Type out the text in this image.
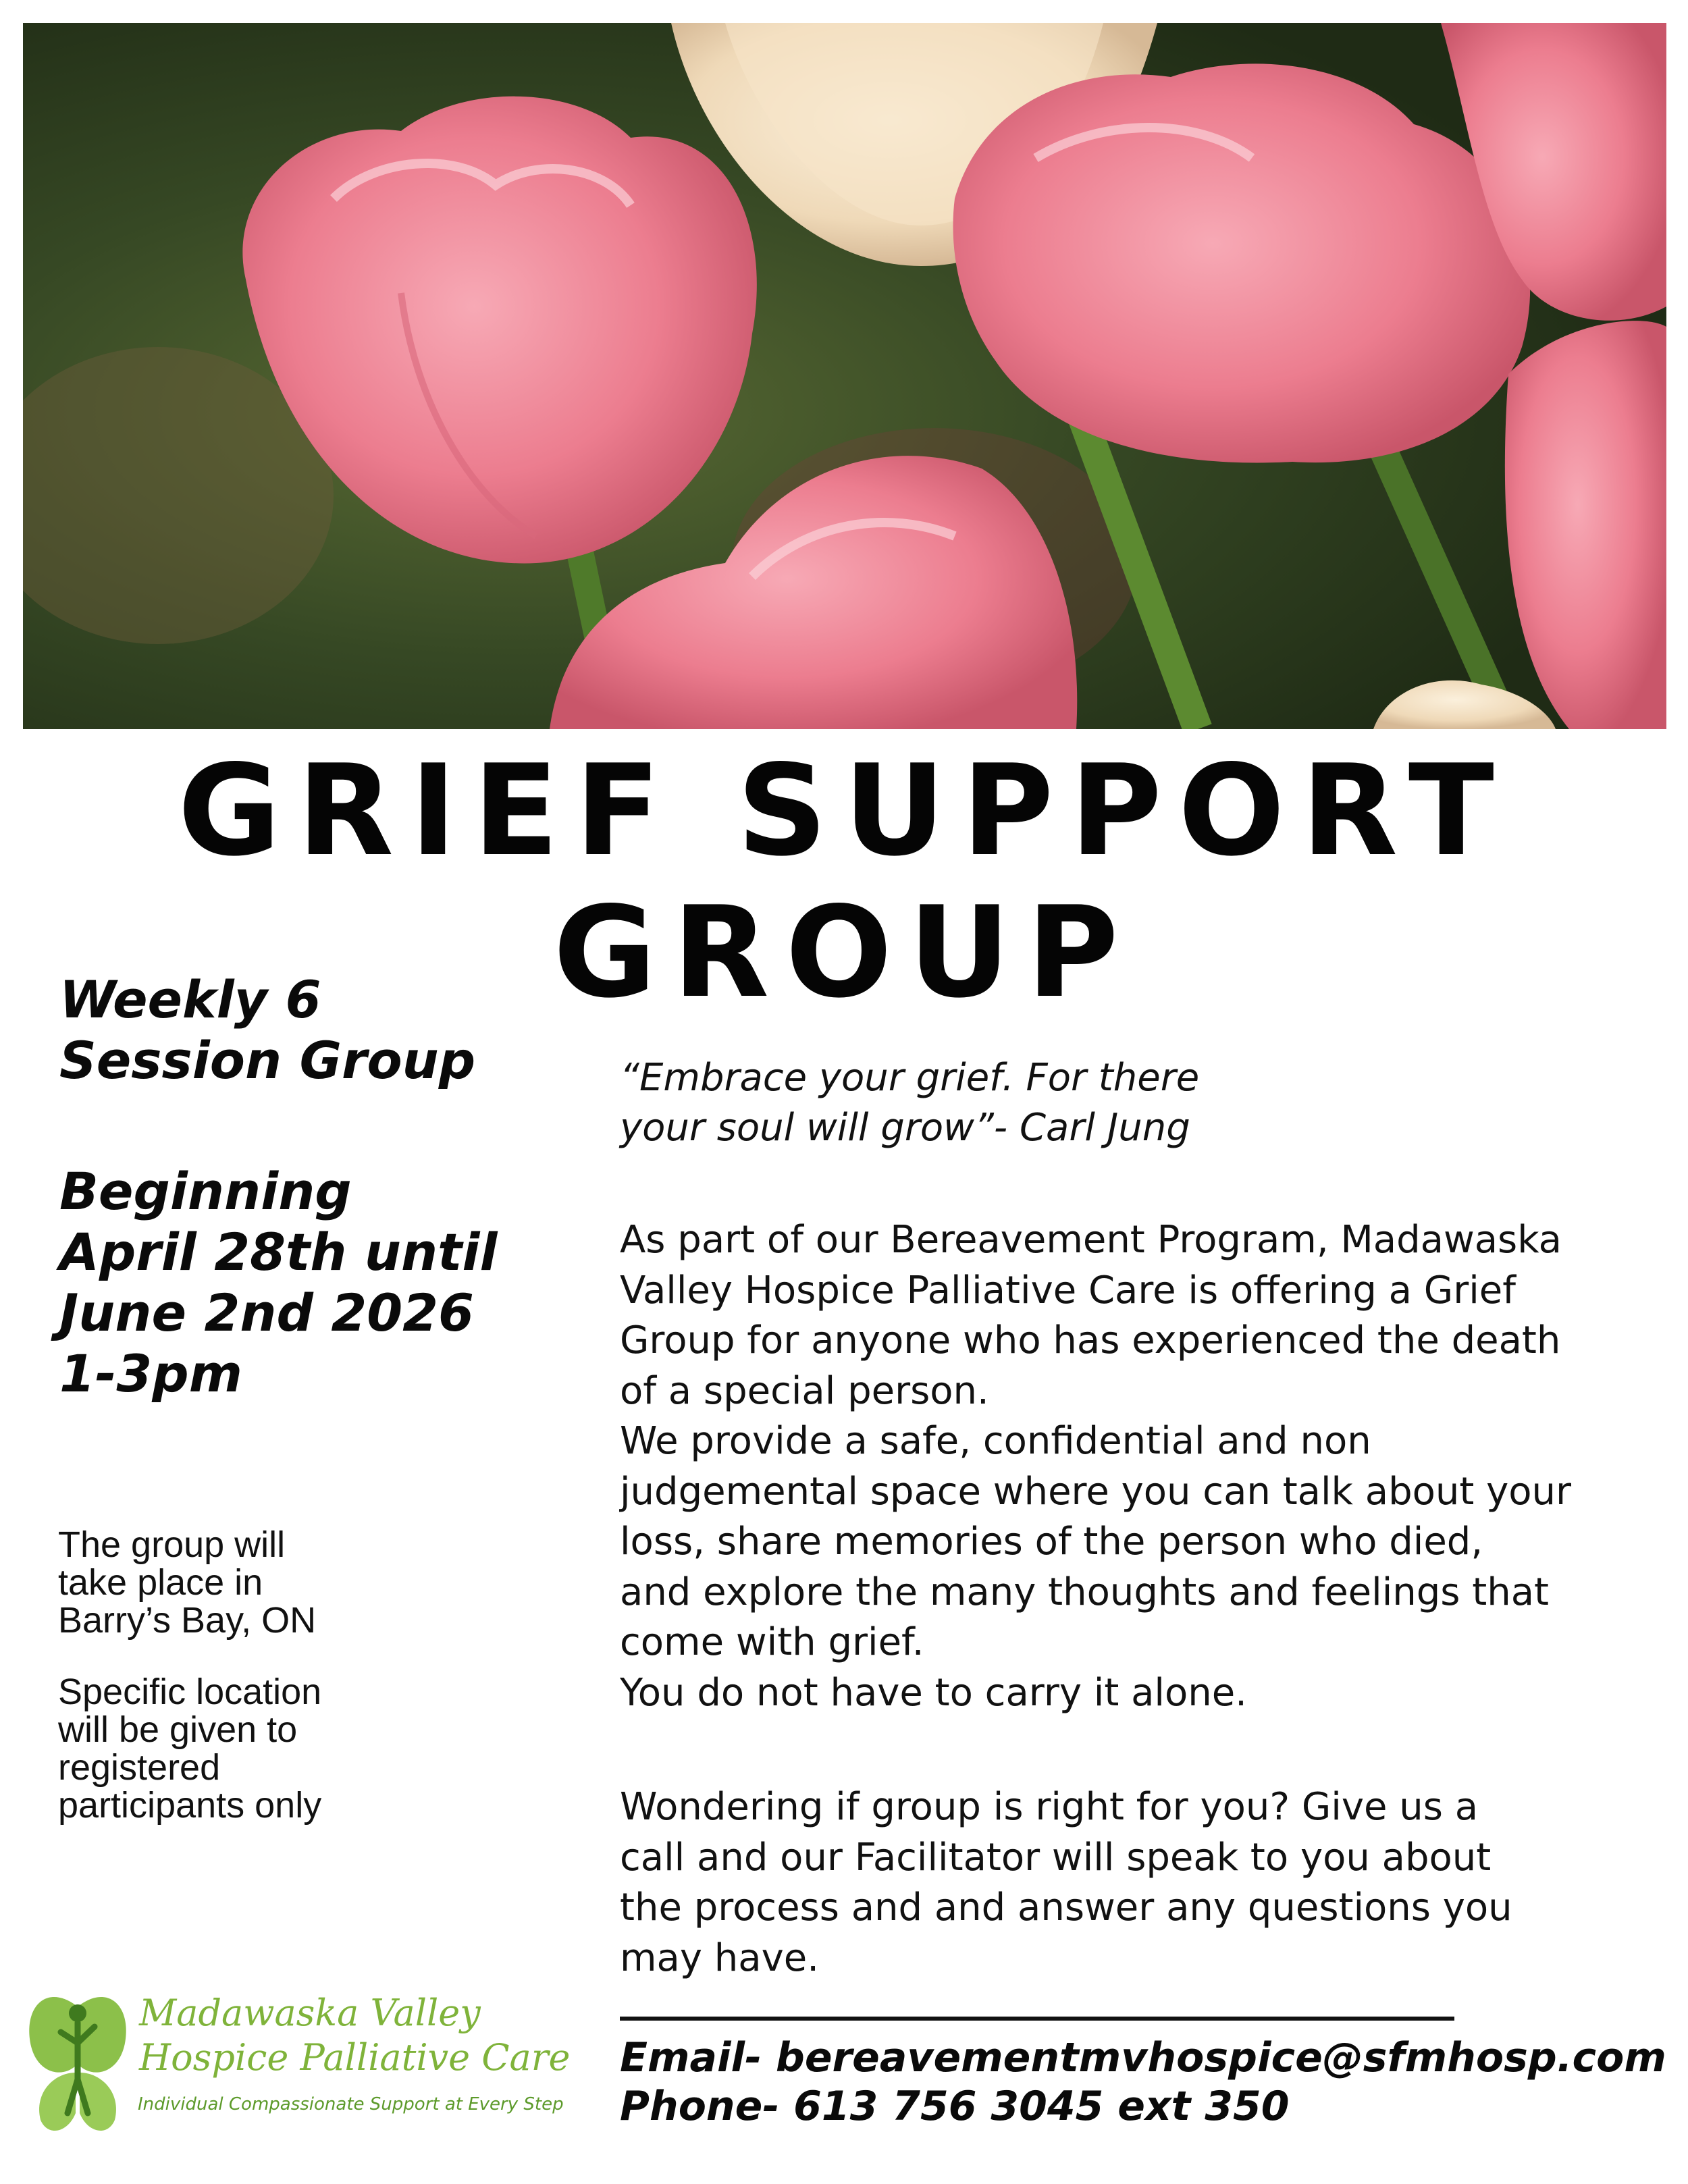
GRIEF SUPPORT
GROUP
Weekly 6
Session Group
Beginning
April 28th until
June 2nd 2026
1-3pm
The group will
take place in
Barry’s Bay, ON
Specific location
will be given to
registered
participants only
“Embrace your grief. For there
your soul will grow”- Carl Jung

As part of our Bereavement Program, Madawaska

Valley Hospice Palliative Care is offering a Grief

Group for anyone who has experienced the death

of a special person.

We provide a safe, confidential and non

judgemental space where you can talk about your

loss, share memories of the person who died,

and explore the many thoughts and feelings that

come with grief.

You do not have to carry it alone.

Wondering if group is right for you? Give us a

call and our Facilitator will speak to you about

the process and and answer any questions you

may have.

Email- bereavementmvhospice@sfmhosp.com
Phone- 613 756 3045 ext 350
Madawaska Valley
Hospice Palliative Care
Individual Compassionate Support at Every Step
